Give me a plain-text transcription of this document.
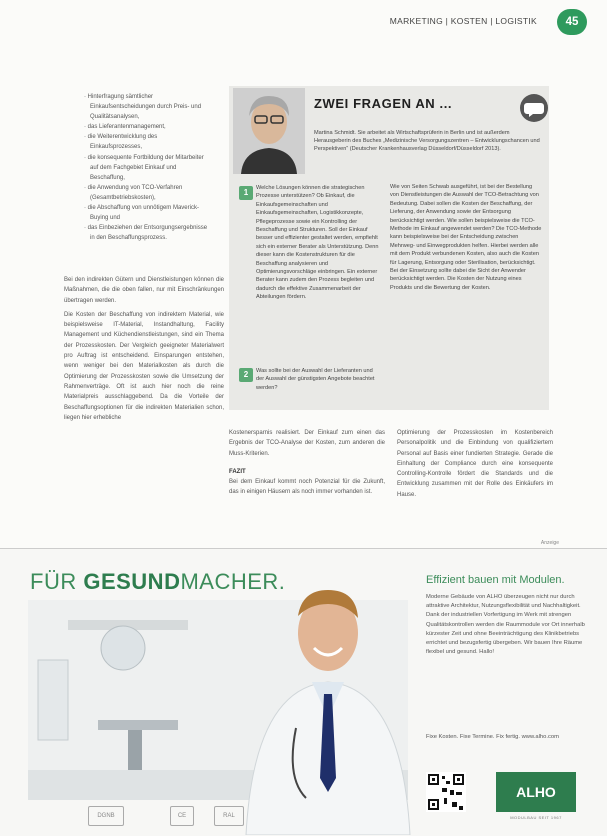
MARKETING | KOSTEN | LOGISTIK	45
· Hinterfragung sämtlicher Einkaufsentscheidungen durch Preis- und Qualitätsanalysen,
· das Lieferantenmanagement,
· die Weiterentwicklung des Einkaufsprozesses,
· die konsequente Fortbildung der Mitarbeiter auf dem Fachgebiet Einkauf und Beschaffung,
· die Anwendung von TCO-Verfahren (Gesamtbetriebskosten),
· die Abschaffung von unnötigem Maverick-Buying und
· das Einbeziehen der Entsorgungsergebnisse in den Beschaffungsprozess.

Bei den indirekten Gütern und Dienstleistungen können die Maßnahmen, die die oben fallen, nur mit Einschränkungen übertragen werden.

Die Kosten der Beschaffung von indirektem Material, wie beispielsweise IT-Material, Instandhaltung, Facility Management und Küchendienstleistungen, sind ein Thema der Prozesskosten. Der Vergleich geeigneter Materialwert pro Auftrag ist entscheidend. Einsparungen entstehen, wenn weniger bei den Materialkosten als durch die Optimierung der Prozesskosten sowie die Umsetzung der Rahmenverträge. Oft ist auch hier noch die reine Materialpreis ausschlaggebend. Da die Vorteile der Beschaffungsoptionen für die indirekten Materialien schon, liegen hier erhebliche

ZWEI FRAGEN AN ...
Martina Schmidt. Sie arbeitet als Wirtschaftsprüferin in Berlin und ist außerdem Herausgeberin des Buches „Medizinische Versorgungszentren – Entwicklungschancen und Perspektiven“ (Deutscher Krankenhausverlag Düsseldorf/Düsseldorf 2013).
1	Welche Lösungen können die strategischen Prozesse unterstützen? Ob Einkauf, die Einkaufsgemeinschaften und Einkaufsgemeinschaften, Logistikkonzepte, Pflegeprozesse sowie ein Kontrolling der Beschaffung und Strukturen. Soll der Einkauf besser und effizienter gestaltet werden, empfiehlt sich ein externer Berater als Unterstützung. Denn dieser kann die Kostenstrukturen für die Beschaffung analysieren und Optimierungsvorschläge einbringen. Ein externer Berater kann zudem den Prozess begleiten und dadurch die effektive Zusammenarbeit der Abteilungen fördern.
2	Was sollte bei der Auswahl der Lieferanten und der Auswahl der günstigsten Angebote beachtet werden?
Wie von Seiten Schwab ausgeführt, ist bei der Bestellung von Dienstleistungen die Auswahl der TCO-Betrachtung von Bedeutung. Dabei sollen die Kosten der Beschaffung, der Lieferung, der Anwendung sowie der Entsorgung berücksichtigt werden. Wie sollen beispielsweise die TCO-Methode im Einkauf angewendet werden? Die TCO-Methode kann beispielsweise bei der Entscheidung zwischen Mehrweg- und Einwegprodukten helfen. Hierbei werden alle mit dem Produkt verbundenen Kosten, also auch die Kosten für Lagerung, Entsorgung oder Sterilisation, berücksichtigt. Bei der Einsetzung sollte dabei die Sicht der Anwender berücksichtigt werden. Die Kosten der Nutzung eines Produkts und die Bewertung der Kosten.
Kostenersparnis realisiert. Der Einkauf zum einen das Ergebnis der TCO-Analyse der Kosten, zum anderen die Muss-Kriterien.
FAZIT
Bei dem Einkauf kommt noch Potenzial für die Zukunft, das in einigen Häusern als noch immer vorhanden ist.
Optimierung der Prozesskosten im Kostenbereich Personalpolitik und die Einbindung von qualifiziertem Personal auf Basis einer fundierten Strategie. Gerade die Einhaltung der Compliance durch eine konsequente Controlling-Kontrolle fördert die Standards und die Entwicklung zusammen mit der Rolle des Einkäufers im Hause.
Anzeige
FÜR GESUNDMACHER.	Effizient bauen mit Modulen.
Moderne Gebäude von ALHO überzeugen nicht nur durch attraktive Architektur, Nutzungsflexibilität und Nachhaltigkeit. Dank der industriellen Vorfertigung im Werk mit strengen Qualitätskontrollen werden die Raummodule vor Ort innerhalb kürzester Zeit und ohne Beeinträchtigung des Klinikbetriebs errichtet und bezugsfertig übergeben. Wir bauen Ihre Räume flexibel und gesund. Hallo!
Fixe Kosten. Fixe Termine. Fix fertig. www.alho.com
ALHO
MODULBAU SEIT 1967
DGNB	CE	RAL
